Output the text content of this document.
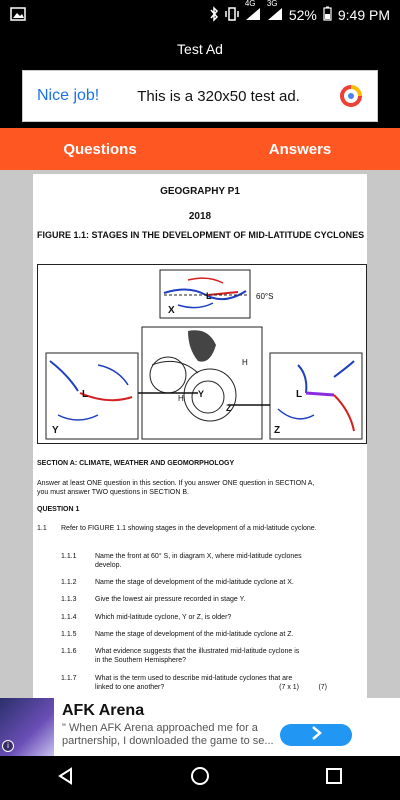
4G 3G
52% 9:49 PM
Nice job!	This is a 320x50 test ad.
Test Ad
Questions	Answers
GEOGRAPHY P1
2018
FIGURE 1.1: STAGES IN THE DEVELOPMENT OF MID-LATITUDE CYCLONES
60°S
X
L
H
H
L
Y
L
Z
Y
Z
SECTION A: CLIMATE, WEATHER AND GEOMORPHOLOGY
Answer at least ONE question in this section. If you answer ONE question in SECTION A, you must answer TWO questions in SECTION B.
QUESTION 1
1.1 Refer to FIGURE 1.1 showing stages in the development of a mid-latitude cyclone.
1.1.1	Name the front at 60° S, in diagram X, where mid-latitude cyclones develop.
1.1.2	Name the stage of development of the mid-latitude cyclone at X.
1.1.3	Give the lowest air pressure recorded in stage Y.
1.1.4	Which mid-latitude cyclone, Y or Z, is older?
1.1.5	Name the stage of development of the mid-latitude cyclone at Z.
1.1.6	What evidence suggests that the illustrated mid-latitude cyclone is in the Southern Hemisphere?
1.1.7	What is the term used to describe mid-latitude cyclones that are linked to one another?	(7 x 1)	(7)
i
AFK Arena
" When AFK Arena approached me for a partnership, I downloaded the game to se...
